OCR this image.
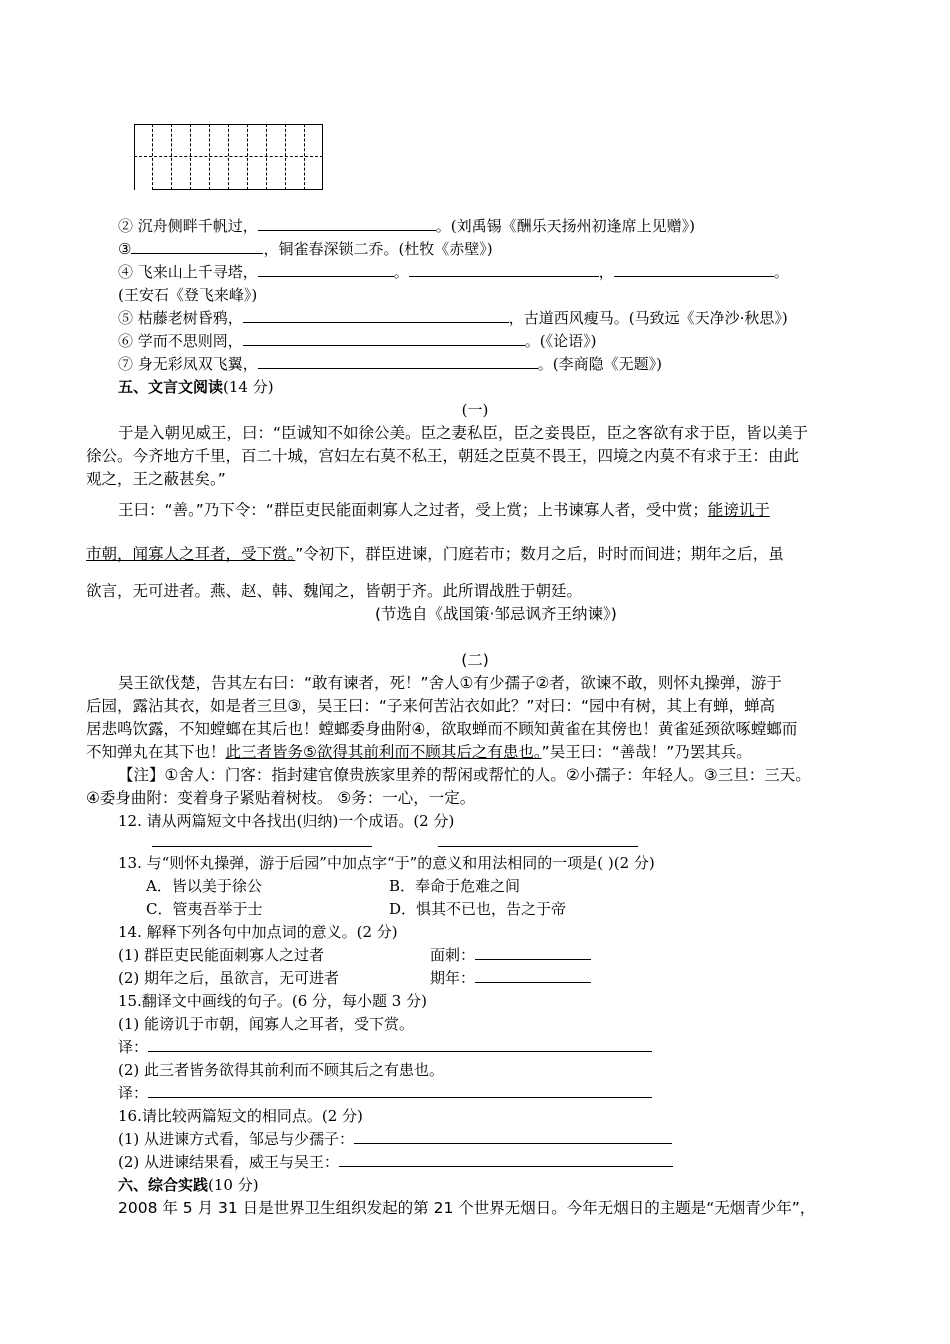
② 沉舟侧畔千帆过，	。(刘禹锡《酬乐天扬州初逢席上见赠》)
③	，铜雀春深锁二乔。(杜牧《赤壁》)
④ 飞来山上千寻塔，	。	，	。
(王安石《登飞来峰》)
⑤ 枯藤老树昏鸦，	，古道西风瘦马。(马致远《天净沙·秋思》)
⑥ 学而不思则罔，	。(《论语》)
⑦ 身无彩凤双飞翼，	。(李商隐《无题》)
五、文言文阅读(14 分)
(一)
于是入朝见威王，曰：“臣诚知不如徐公美。臣之妻私臣，臣之妾畏臣，臣之客欲有求于臣，皆以美于
徐公。今齐地方千里，百二十城，宫妇左右莫不私王，朝廷之臣莫不畏王，四境之内莫不有求于王：由此
观之，王之蔽甚矣。”
王曰：“善。”乃下令：“群臣吏民能面刺寡人之过者，受上赏；上书谏寡人者，受中赏；能谤讥于
市朝，闻寡人之耳者，受下赏。”令初下，群臣进谏，门庭若市；数月之后，时时而间进；期年之后，虽
欲言，无可进者。燕、赵、韩、魏闻之，皆朝于齐。此所谓战胜于朝廷。
(节选自《战国策·邹忌讽齐王纳谏》)
(二)
吴王欲伐楚，告其左右曰：“敢有谏者，死！”舍人①有少孺子②者，欲谏不敢，则怀丸操弹，游于
后园，露沾其衣，如是者三旦③，吴王曰：“子来何苦沾衣如此？”对曰：“园中有树，其上有蝉，蝉高
居悲鸣饮露，不知螳螂在其后也！螳螂委身曲附④，欲取蝉而不顾知黄雀在其傍也！黄雀延颈欲啄螳螂而
不知弹丸在其下也！此三者皆务⑤欲得其前利而不顾其后之有患也。”吴王曰：“善哉！”乃罢其兵。
【注】①舍人：门客：指封建官僚贵族家里养的帮闲或帮忙的人。②小孺子：年轻人。③三旦：三天。
④委身曲附：变着身子紧贴着树枝。 ⑤务：一心，一定。
12. 请从两篇短文中各找出(归纳)一个成语。(2 分)
13. 与“则怀丸操弹，游于后园”中加点字“于”的意义和用法相同的一项是( )(2 分)
A．皆以美于徐公	B．奉命于危难之间
C．管夷吾举于士	D．惧其不已也，告之于帝
14. 解释下列各句中加点词的意义。(2 分)
(1) 群臣吏民能面刺寡人之过者	面刺：
(2) 期年之后，虽欲言，无可进者	期年：
15.翻译文中画线的句子。(6 分，每小题 3 分)
(1) 能谤讥于市朝，闻寡人之耳者，受下赏。
译：
(2) 此三者皆务欲得其前利而不顾其后之有患也。
译：
16.请比较两篇短文的相同点。(2 分)
(1) 从进谏方式看，邹忌与少孺子：
(2) 从进谏结果看，威王与吴王：
六、综合实践(10 分)
2008 年 5 月 31 日是世界卫生组织发起的第 21 个世界无烟日。今年无烟日的主题是“无烟青少年”，
